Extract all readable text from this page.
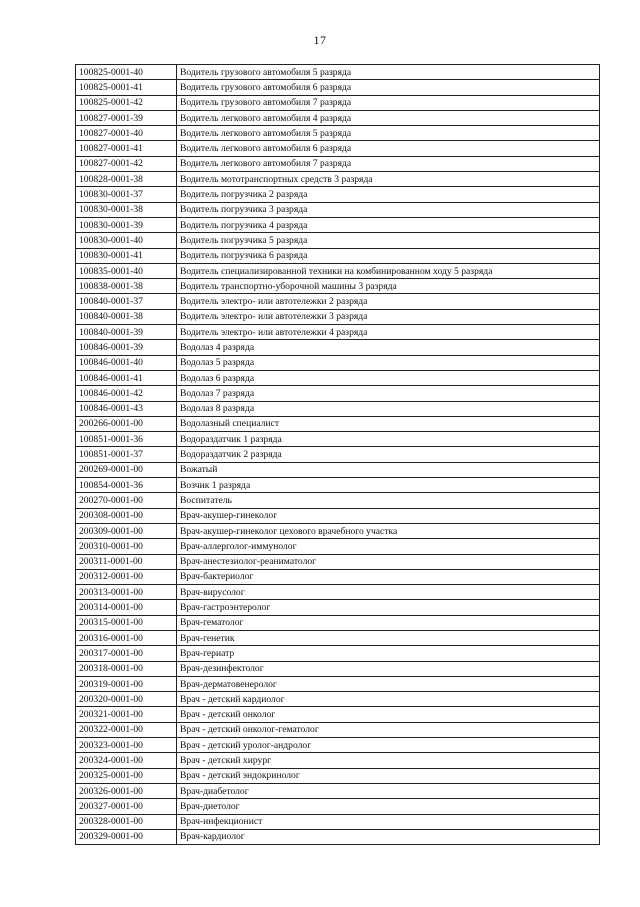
17
100825-0001-40	Водитель грузового автомобиля 5 разряда
100825-0001-41	Водитель грузового автомобиля 6 разряда
100825-0001-42	Водитель грузового автомобиля 7 разряда
100827-0001-39	Водитель легкового автомобиля 4 разряда
100827-0001-40	Водитель легкового автомобиля 5 разряда
100827-0001-41	Водитель легкового автомобиля 6 разряда
100827-0001-42	Водитель легкового автомобиля 7 разряда
100828-0001-38	Водитель мототранспортных средств 3 разряда
100830-0001-37	Водитель погрузчика 2 разряда
100830-0001-38	Водитель погрузчика 3 разряда
100830-0001-39	Водитель погрузчика 4 разряда
100830-0001-40	Водитель погрузчика 5 разряда
100830-0001-41	Водитель погрузчика 6 разряда
100835-0001-40	Водитель специализированной техники на комбинированном ходу 5 разряда
100838-0001-38	Водитель транспортно-уборочной машины 3 разряда
100840-0001-37	Водитель электро- или автотележки 2 разряда
100840-0001-38	Водитель электро- или автотележки 3 разряда
100840-0001-39	Водитель электро- или автотележки 4 разряда
100846-0001-39	Водолаз 4 разряда
100846-0001-40	Водолаз 5 разряда
100846-0001-41	Водолаз 6 разряда
100846-0001-42	Водолаз 7 разряда
100846-0001-43	Водолаз 8 разряда
200266-0001-00	Водолазный специалист
100851-0001-36	Водораздатчик 1 разряда
100851-0001-37	Водораздатчик 2 разряда
200269-0001-00	Вожатый
100854-0001-36	Возчик 1 разряда
200270-0001-00	Воспитатель
200308-0001-00	Врач-акушер-гинеколог
200309-0001-00	Врач-акушер-гинеколог цехового врачебного участка
200310-0001-00	Врач-аллерголог-иммунолог
200311-0001-00	Врач-анестезиолог-реаниматолог
200312-0001-00	Врач-бактериолог
200313-0001-00	Врач-вирусолог
200314-0001-00	Врач-гастроэнтеролог
200315-0001-00	Врач-гематолог
200316-0001-00	Врач-генетик
200317-0001-00	Врач-гериатр
200318-0001-00	Врач-дезинфектолог
200319-0001-00	Врач-дерматовенеролог
200320-0001-00	Врач - детский кардиолог
200321-0001-00	Врач - детский онколог
200322-0001-00	Врач - детский онколог-гематолог
200323-0001-00	Врач - детский уролог-андролог
200324-0001-00	Врач - детский хирург
200325-0001-00	Врач - детский эндокринолог
200326-0001-00	Врач-диабетолог
200327-0001-00	Врач-диетолог
200328-0001-00	Врач-инфекционист
200329-0001-00	Врач-кардиолог
